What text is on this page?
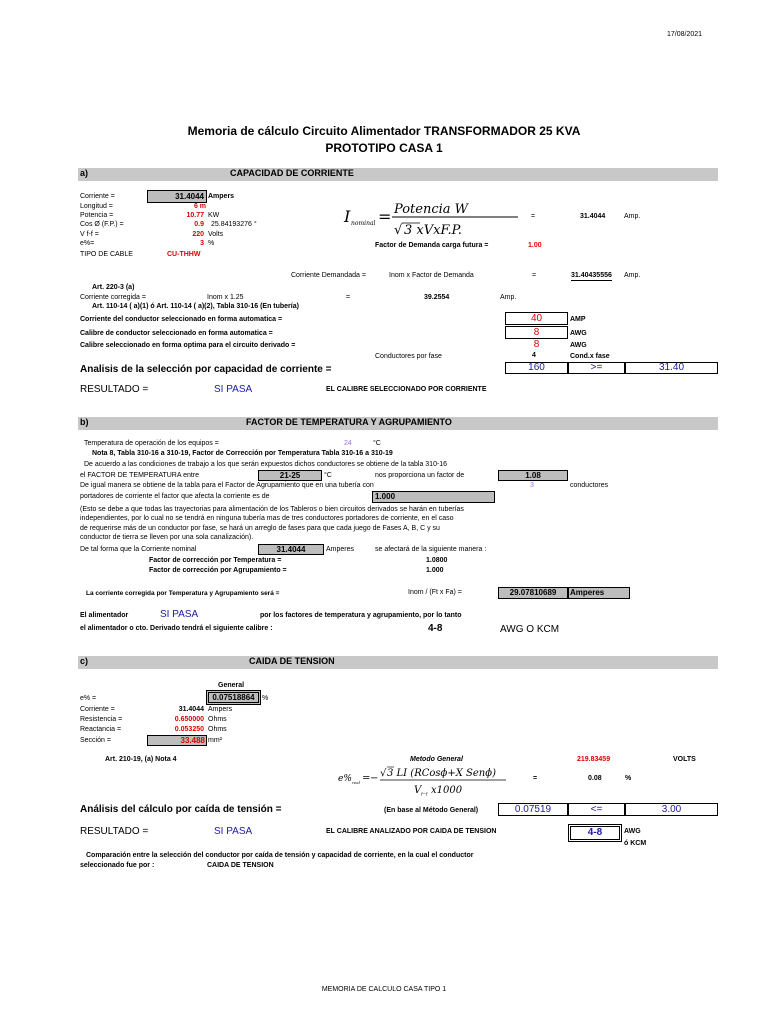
17/08/2021
Memoria de cálculo Circuito Alimentador TRANSFORMADOR 25 KVA
PROTOTIPO CASA 1
a)	CAPACIDAD DE CORRIENTE
Corriente =	31.4044 Ampers
Longitud =	6 m
Potencia =	10.77 KW
Cos Ø (F.P.) =	0.9 25.84193276 °
V f-f =	220 Volts
e%=	3 %
TIPO DE CABLE	CU-THHW
I nominal = Potencia W
√ 3 xVxF.P.
=	31.4044	Amp.
Factor de Demanda carga futura =	1.00
Corriente Demandada =	Inom x Factor de Demanda	=	31.40435556 Amp.
Art. 220-3 (a)
Corriente corregida =	Inom x 1.25	=	39.2554	Amp.
Art. 110-14 ( a)(1) ó Art. 110-14 ( a)(2), Tabla 310-16 (En tubería)
Corriente del conductor seleccionado en forma automatica =	40	AMP
Calibre de conductor seleccionado en forma automatica =	8	AWG
Calibre seleccionado en forma optima para el circuito derivado =	8	AWG
Conductores por fase	4	Cond.x fase
Analisis de la selección por capacidad de corriente =	160	>=	31.40
RESULTADO =	SI PASA	EL CALIBRE SELECCIONADO POR CORRIENTE
b)	FACTOR DE TEMPERATURA Y AGRUPAMIENTO
Temperatura de operación de los equipos =	24	°C
Nota 8, Tabla 310-16 a 310-19, Factor de Corrección por Temperatura Tabla 310-16 a 310-19
De acuerdo a las condiciones de trabajo a los que serán expuestos dichos conductores se obtiene de la tabla 310-16
el FACTOR DE TEMPERATURA entre	21-25	°C	nos proporciona un factor de	1.08
De igual manera se obtiene de la tabla para el Factor de Agrupamiento que en una tubería con	3	conductores
portadores de corriente el factor que afecta la corriente es de	1.000
(Esto se debe a que todas las trayectorias para alimentación de los Tableros o bien circuitos derivados se harán en tuberías
independientes, por lo cual no se tendrá en ninguna tubería mas de tres conductores portadores de corriente, en el caso
de requerirse más de un conductor por fase, se hará un arreglo de fases para que cada juego de Fases A, B, C y su
conductor de tierra se lleven por una sola canalización).
De tal forma que la Corriente nominal	31.4044	Amperes	se afectará de la siguiente manera :
Factor de corrección por Temperatura =	1.0800
Factor de corrección por Agrupamiento =	1.000
La corriente corregida por Temperatura y Agrupamiento será =	Inom / (Ft x Fa) =	29.07810689	Amperes
El alimentador	SI PASA	por los factores de temperatura y agrupamiento, por lo tanto
el alimentador o cto. Derivado tendrá el siguiente calibre :	4-8	AWG O KCM
c)	CAIDA DE TENSION
General
e% =	0.07518864	%
Corriente =	31.4044 Ampers
Resistencia =	0.650000 Ohms
Reactancia =	0.053250 Ohms
Sección =	33.488 mm²
Art. 210-19, (a) Nota 4	Metodo General	219.83459	VOLTS
e% real = − √ 3 LI (RCosϕ+X Senϕ)
V f−f x1000
=	0.08	%
Análisis del cálculo por caída de tensión =	(En base al Método General)	0.07519	<=	3.00
RESULTADO =	SI PASA	EL CALIBRE ANALIZADO POR CAIDA DE TENSION	4-8	AWG
ó KCM
Comparación entre la selección del conductor por caída de tensión y capacidad de corriente, en la cual el conductor
seleccionado fue por :	CAIDA DE TENSION
MEMORIA DE CALCULO CASA TIPO 1
